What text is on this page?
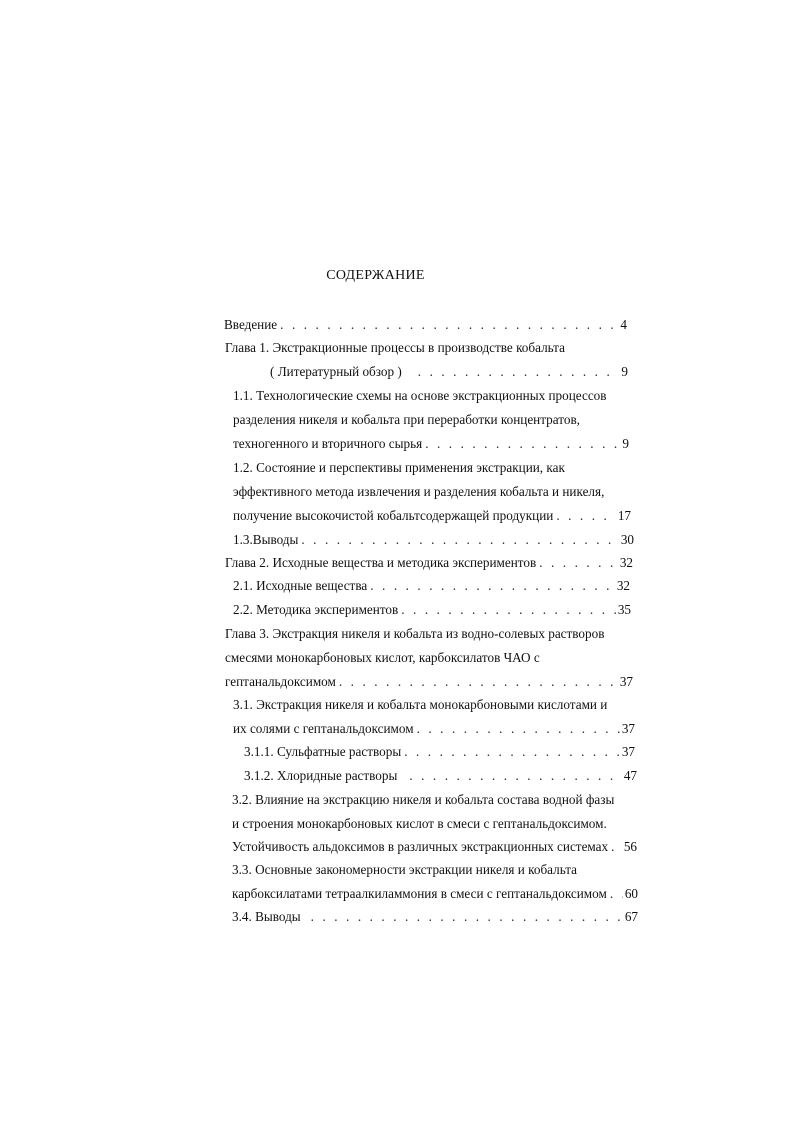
СОДЕРЖАНИЕ
Введение . . .	4
Глава 1. Экстракционные процессы в производстве кобальта
( Литературный обзор ) . . .	9
1.1. Технологические схемы на основе экстракционных процессов
разделения никеля и кобальта при переработки концентратов,
техногенного и вторичного сырья . . .	9
1.2. Состояние и перспективы применения экстракции, как
эффективного метода извлечения и разделения кобальта и никеля,
получение высокочистой кобальтсодержащей продукции . . .	17
1.3.Выводы . . .	30
Глава 2. Исходные вещества и методика экспериментов . . .	32
2.1. Исходные вещества . . .	32
2.2. Методика экспериментов . . .	35
Глава 3. Экстракция никеля и кобальта из водно-солевых растворов
смесями монокарбоновых кислот, карбоксилатов ЧАО с
гептанальдоксимом . . .	37
3.1. Экстракция никеля и кобальта монокарбоновыми кислотами и
их солями с гептанальдоксимом . . .	37
3.1.1. Сульфатные растворы . . .	37
3.1.2. Хлоридные растворы . . .	47
3.2. Влияние на экстракцию никеля и кобальта состава водной фазы
и строения монокарбоновых кислот в смеси с гептанальдоксимом.
Устойчивость альдоксимов в различных экстракционных системах . . . 56
3.3. Основные закономерности экстракции никеля и кобальта
карбоксилатами тетраалкиламмония в смеси с гептанальдоксимом . . . 60
3.4. Выводы . . .	67
